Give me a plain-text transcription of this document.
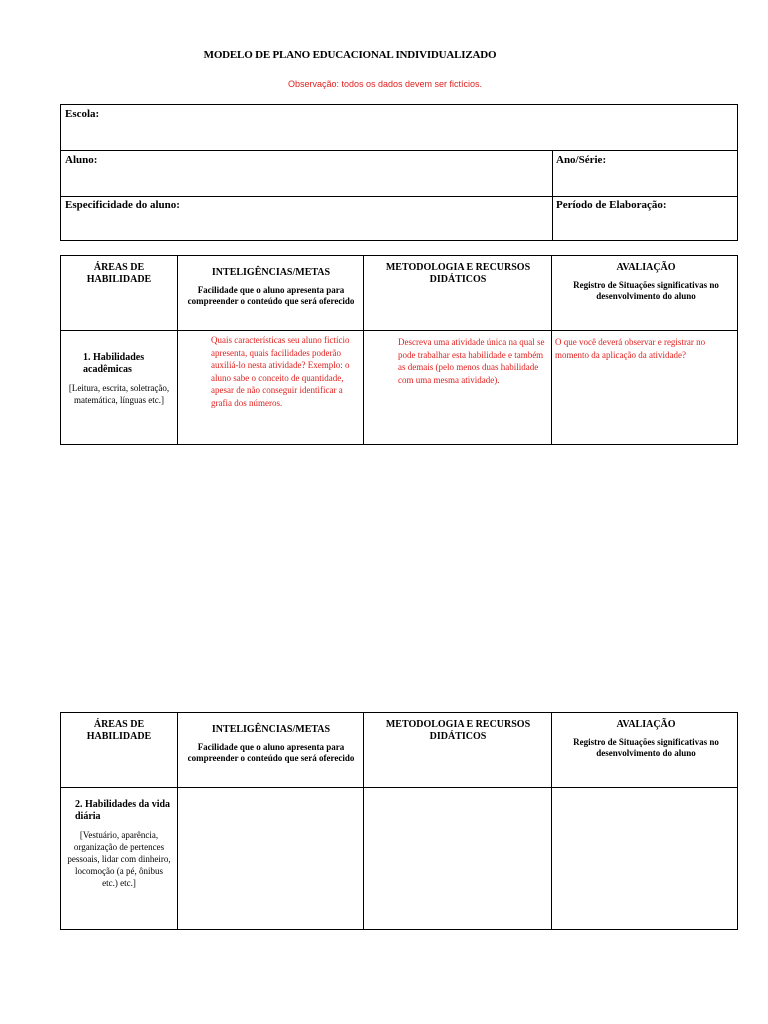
MODELO DE PLANO EDUCACIONAL INDIVIDUALIZADO
Observação: todos os dados devem ser fictícios.
Escola:
Aluno:	Ano/Série:
Especificidade do aluno:	Período de Elaboração:
ÁREAS DE HABILIDADE
INTELIGÊNCIAS/METAS
Facilidade que o aluno apresenta para compreender o conteúdo que será oferecido
METODOLOGIA E RECURSOS DIDÁTICOS
AVALIAÇÃO
Registro de Situações significativas no desenvolvimento do aluno
1. Habilidades acadêmicas
[Leitura, escrita, soletração, matemática, línguas etc.]
Quais características seu aluno fictício apresenta, quais facilidades poderão auxiliá-lo nesta atividade? Exemplo: o aluno sabe o conceito de quantidade, apesar de não conseguir identificar a grafia dos números.
Descreva uma atividade única na qual se pode trabalhar esta habilidade e também as demais (pelo menos duas habilidade com uma mesma atividade).
O que você deverá observar e registrar no momento da aplicação da atividade?
ÁREAS DE HABILIDADE
INTELIGÊNCIAS/METAS
Facilidade que o aluno apresenta para compreender o conteúdo que será oferecido
METODOLOGIA E RECURSOS DIDÁTICOS
AVALIAÇÃO
Registro de Situações significativas no desenvolvimento do aluno
2. Habilidades da vida diária
[Vestuário, aparência, organização de pertences pessoais, lidar com dinheiro, locomoção (a pé, ônibus etc.) etc.]
